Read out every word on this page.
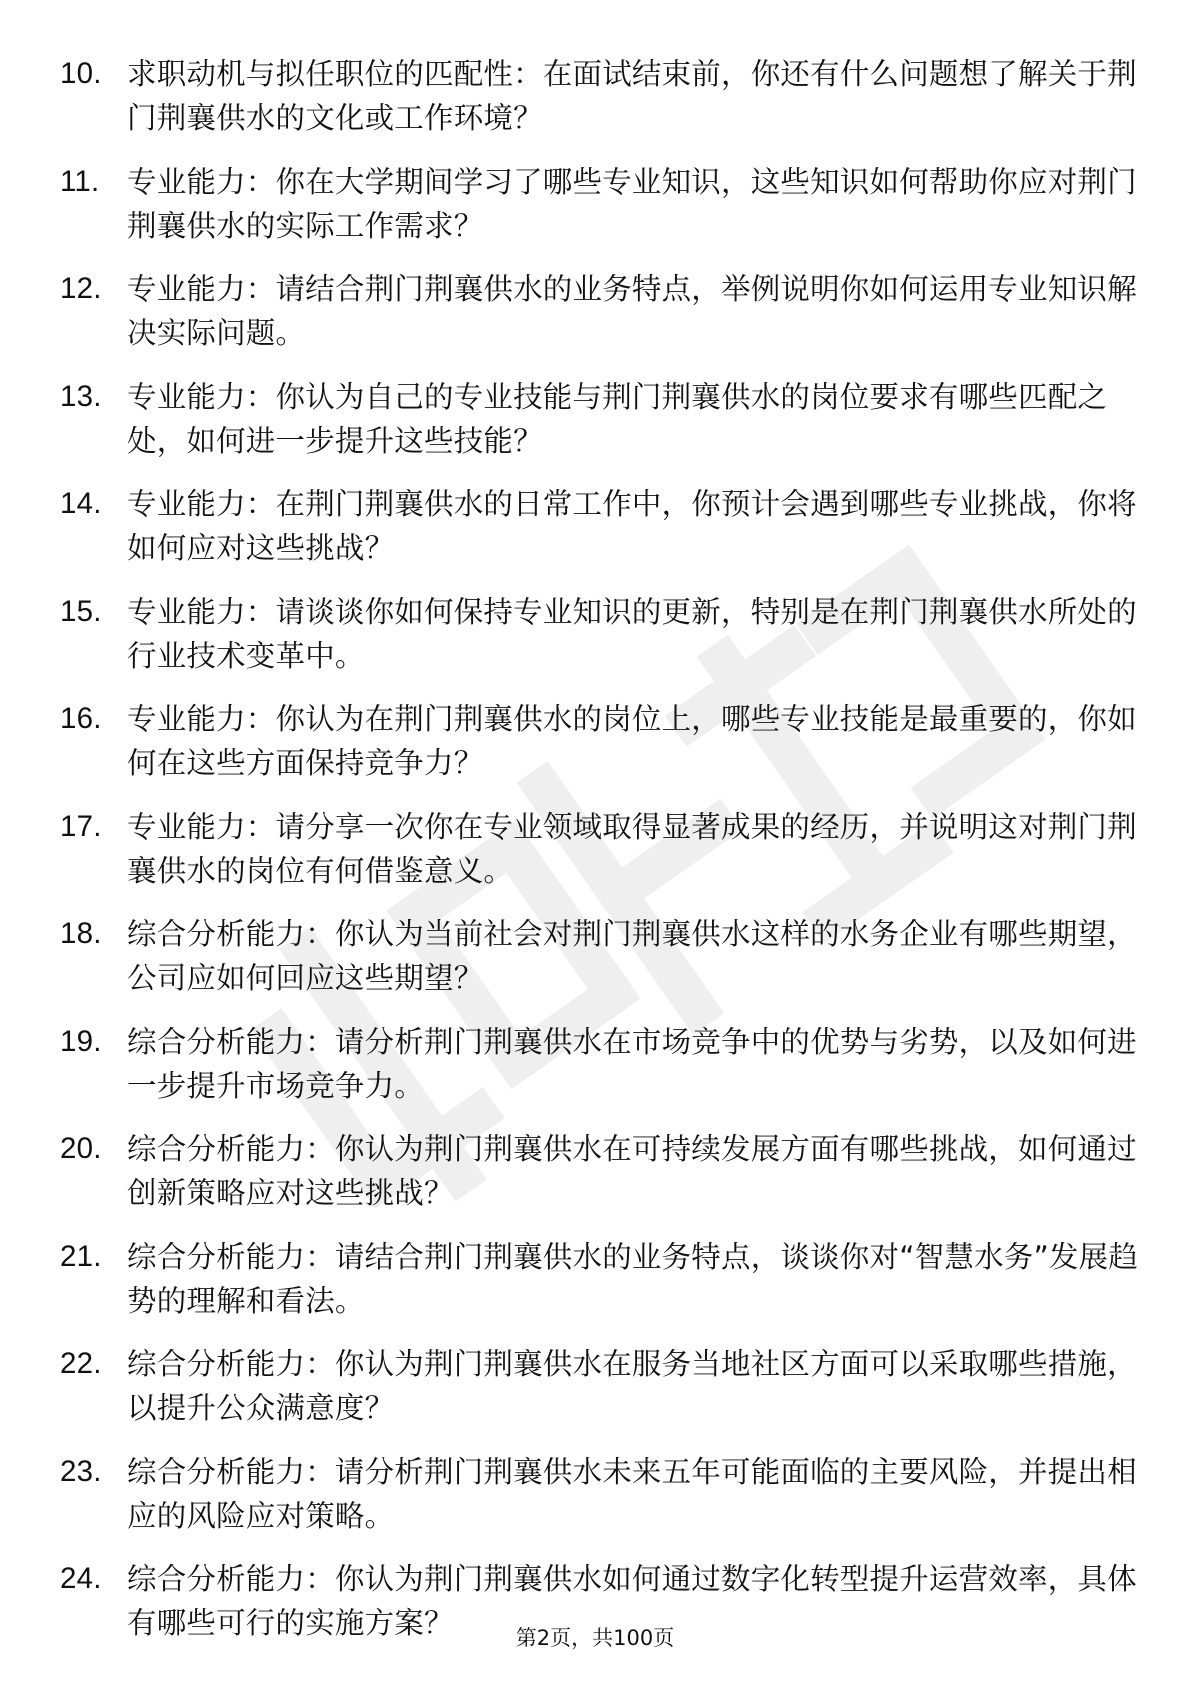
10. 求职动机与拟任职位的匹配性：在面试结束前，你还有什么问题想了解关于荆门荆襄供水的文化或工作环境？
11. 专业能力：你在大学期间学习了哪些专业知识，这些知识如何帮助你应对荆门荆襄供水的实际工作需求？
12. 专业能力：请结合荆门荆襄供水的业务特点，举例说明你如何运用专业知识解决实际问题。
13. 专业能力：你认为自己的专业技能与荆门荆襄供水的岗位要求有哪些匹配之处，如何进一步提升这些技能？
14. 专业能力：在荆门荆襄供水的日常工作中，你预计会遇到哪些专业挑战，你将如何应对这些挑战？
15. 专业能力：请谈谈你如何保持专业知识的更新，特别是在荆门荆襄供水所处的行业技术变革中。
16. 专业能力：你认为在荆门荆襄供水的岗位上，哪些专业技能是最重要的，你如何在这些方面保持竞争力？
17. 专业能力：请分享一次你在专业领域取得显著成果的经历，并说明这对荆门荆襄供水的岗位有何借鉴意义。
18. 综合分析能力：你认为当前社会对荆门荆襄供水这样的水务企业有哪些期望，公司应如何回应这些期望？
19. 综合分析能力：请分析荆门荆襄供水在市场竞争中的优势与劣势，以及如何进一步提升市场竞争力。
20. 综合分析能力：你认为荆门荆襄供水在可持续发展方面有哪些挑战，如何通过创新策略应对这些挑战？
21. 综合分析能力：请结合荆门荆襄供水的业务特点，谈谈你对“智慧水务”发展趋势的理解和看法。
22. 综合分析能力：你认为荆门荆襄供水在服务当地社区方面可以采取哪些措施，以提升公众满意度？
23. 综合分析能力：请分析荆门荆襄供水未来五年可能面临的主要风险，并提出相应的风险应对策略。
24. 综合分析能力：你认为荆门荆襄供水如何通过数字化转型提升运营效率，具体有哪些可行的实施方案？	第2页，共100页
